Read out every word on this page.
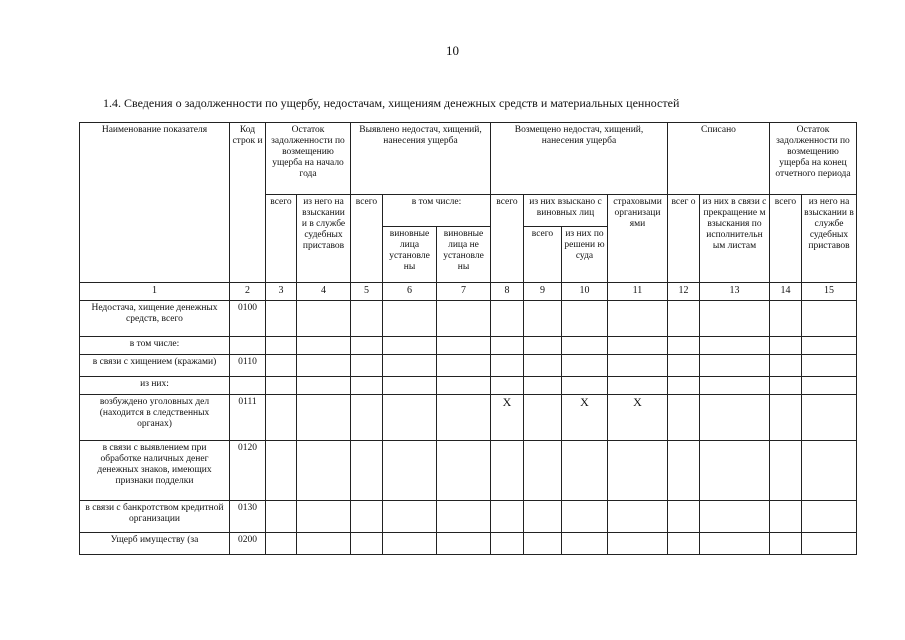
10
1.4. Сведения о задолженности по ущербу, недостачам, хищениям денежных средств и материальных ценностей
Наименование показателя	Код строк и	Остаток задолженности по возмещению ущерба на начало года		Выявлено недостач, хищений, нанесения ущерба			Возмещено недостач, хищений, нанесения ущерба				Списано		Остаток задолженности по возмещению ущерба на конец отчетного периода	
		всего	из него на взыскании и в службе судебных приставов	всего	в том числе:		всего	из них взыскано с виновных лиц		страховыми организаци ями	всег о	из них в связи с прекращение м взыскания по исполнительн ым листам	всего	из него на взыскании в службе судебных приставов
					виновные лица установле ны	виновные лица не установле ны		всего	из них по решени ю суда					
1	2	3	4	5	6	7	8	9	10	11	12	13	14	15
Недостача, хищение денежных средств, всего	0100													
в том числе:														
в связи с хищением (кражами)	0110													
из них:														
возбуждено уголовных дел (находится в следственных органах)	0111						Х		Х	Х				
в связи с выявлением при обработке наличных денег денежных знаков, имеющих признаки подделки	0120													
в связи с банкротством кредитной организации	0130													
Ущерб имуществу (за	0200													
